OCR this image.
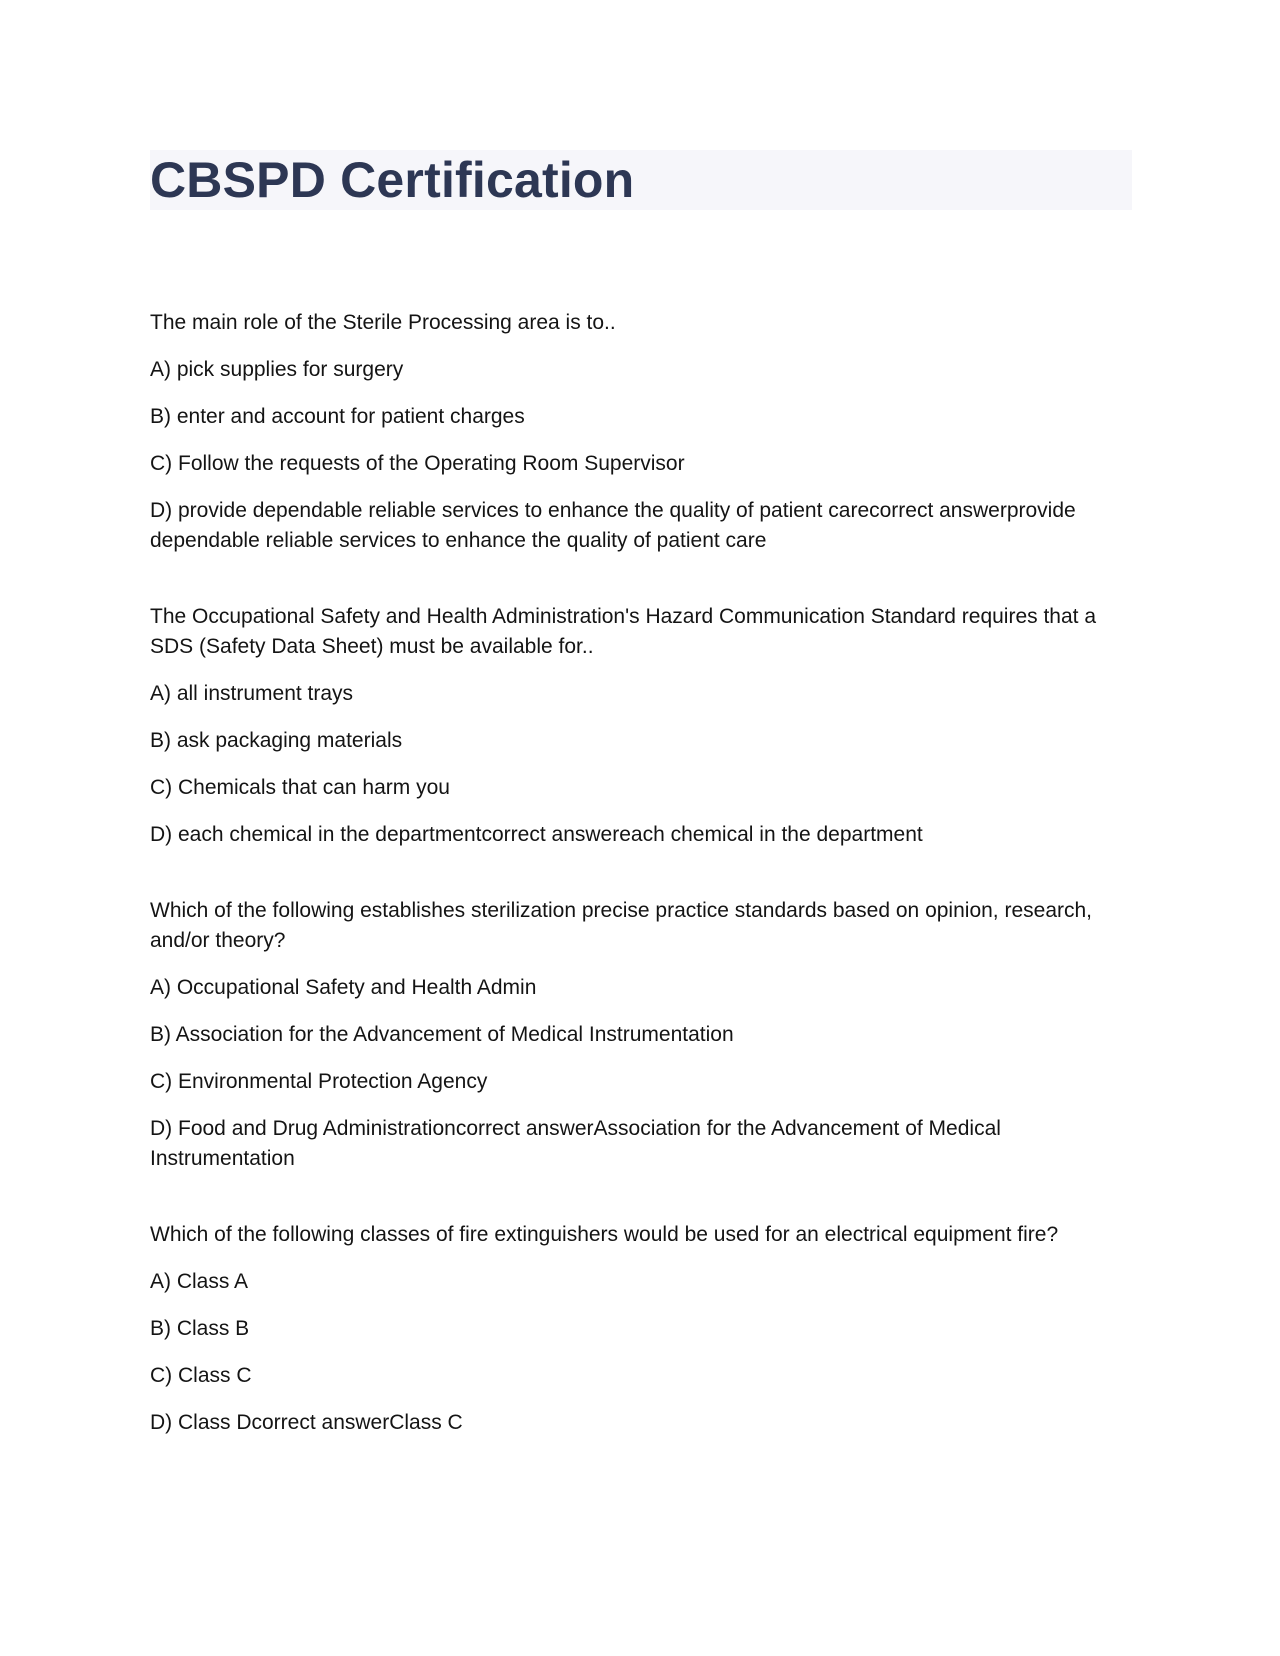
CBSPD Certification

The main role of the Sterile Processing area is to..

A) pick supplies for surgery

B) enter and account for patient charges

C) Follow the requests of the Operating Room Supervisor

D) provide dependable reliable services to enhance the quality of patient carecorrect answerprovide dependable reliable services to enhance the quality of patient care

The Occupational Safety and Health Administration's Hazard Communication Standard requires that a SDS (Safety Data Sheet) must be available for..

A) all instrument trays

B) ask packaging materials

C) Chemicals that can harm you

D) each chemical in the departmentcorrect answereach chemical in the department

Which of the following establishes sterilization precise practice standards based on opinion, research, and/or theory?

A) Occupational Safety and Health Admin

B) Association for the Advancement of Medical Instrumentation

C) Environmental Protection Agency

D) Food and Drug Administrationcorrect answerAssociation for the Advancement of Medical Instrumentation

Which of the following classes of fire extinguishers would be used for an electrical equipment fire?

A) Class A

B) Class B

C) Class C

D) Class Dcorrect answerClass C
